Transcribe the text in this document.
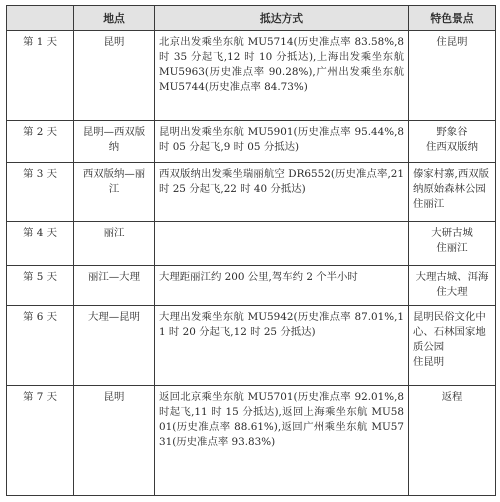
	地点	抵达方式	特色景点
第 1 天	昆明	北京出发乘坐东航 MU5714(历史准点率 83.58%,8 时 35 分起飞,12 时 10 分抵达),上海出发乘坐东航 MU5963(历史准点率 90.28%),广州出发乘坐东航 MU5744(历史准点率 84.73%)	住昆明

第 2 天	昆明—西双版纳	昆明出发乘坐东航 MU5901(历史准点率 95.44%,8 时 05 分起飞,9 时 05 分抵达)	野象谷
住西双版纳

第 3 天	西双版纳—丽江	西双版纳出发乘坐瑞丽航空 DR6552(历史准点率,21 时 25 分起飞,22 时 40 分抵达)	傣家村寨,西双版纳原始森林公园
住丽江

第 4 天	丽江		大研古城
住丽江

第 5 天	丽江—大理	大理距丽江约 200 公里,驾车约 2 个半小时	大理古城、洱海
住大理

第 6 天	大理—昆明	大理出发乘坐东航 MU5942(历史准点率 87.01%,11 时 20 分起飞,12 时 25 分抵达)	昆明民俗文化中心、石林国家地质公园
住昆明

第 7 天	昆明	返回北京乘坐东航 MU5701(历史准点率 92.01%,8 时起飞,11 时 15 分抵达),返回上海乘坐东航 MU5801(历史准点率 88.61%),返回广州乘坐东航 MU5731(历史准点率 93.83%)	返程
